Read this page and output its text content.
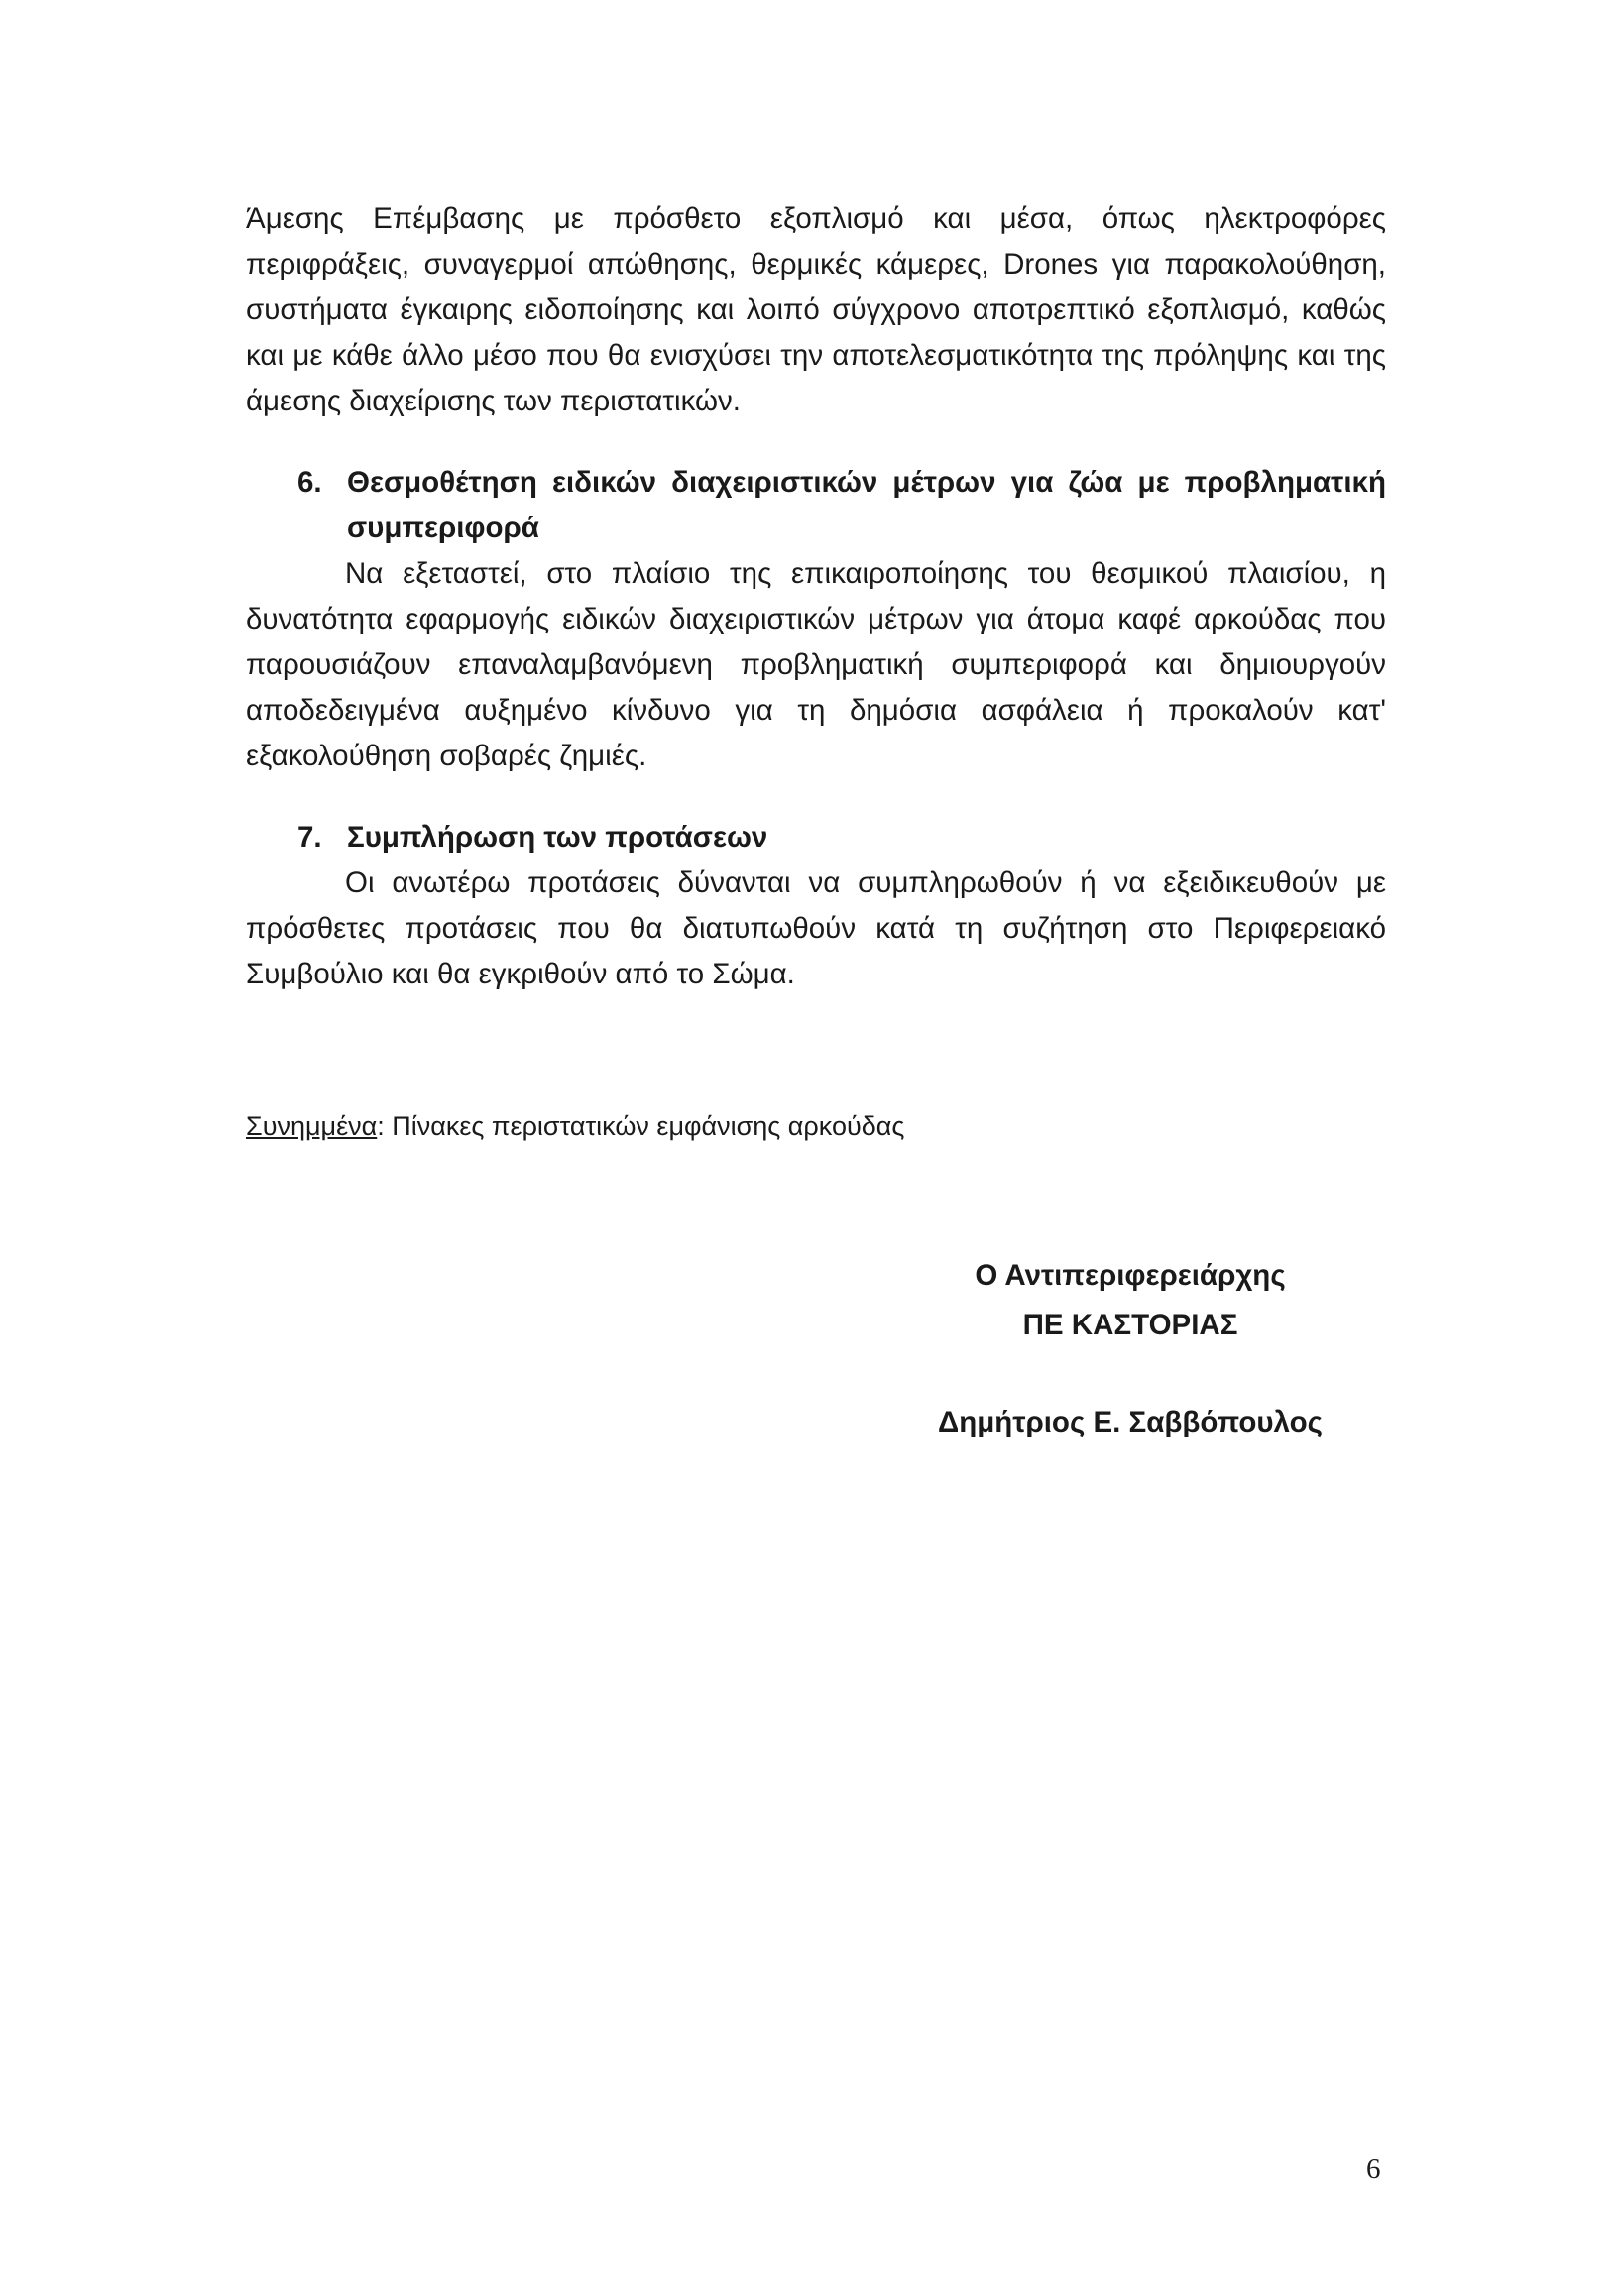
Άμεσης Επέμβασης με πρόσθετο εξοπλισμό και μέσα, όπως ηλεκτροφόρες περιφράξεις, συναγερμοί απώθησης, θερμικές κάμερες, Drones για παρακολούθηση, συστήματα έγκαιρης ειδοποίησης και λοιπό σύγχρονο αποτρεπτικό εξοπλισμό, καθώς και με κάθε άλλο μέσο που θα ενισχύσει την αποτελεσματικότητα της πρόληψης και της άμεσης διαχείρισης των περιστατικών.

6. Θεσμοθέτηση ειδικών διαχειριστικών μέτρων για ζώα με προβληματική συμπεριφορά

Να εξεταστεί, στο πλαίσιο της επικαιροποίησης του θεσμικού πλαισίου, η δυνατότητα εφαρμογής ειδικών διαχειριστικών μέτρων για άτομα καφέ αρκούδας που παρουσιάζουν επαναλαμβανόμενη προβληματική συμπεριφορά και δημιουργούν αποδεδειγμένα αυξημένο κίνδυνο για τη δημόσια ασφάλεια ή προκαλούν κατ' εξακολούθηση σοβαρές ζημιές.

7. Συμπλήρωση των προτάσεων

Οι ανωτέρω προτάσεις δύνανται να συμπληρωθούν ή να εξειδικευθούν με πρόσθετες προτάσεις που θα διατυπωθούν κατά τη συζήτηση στο Περιφερειακό Συμβούλιο και θα εγκριθούν από το Σώμα.

Συνημμένα: Πίνακες περιστατικών εμφάνισης αρκούδας
Ο Αντιπεριφερειάρχης
ΠΕ ΚΑΣΤΟΡΙΑΣ
Δημήτριος Ε. Σαββόπουλος
6
